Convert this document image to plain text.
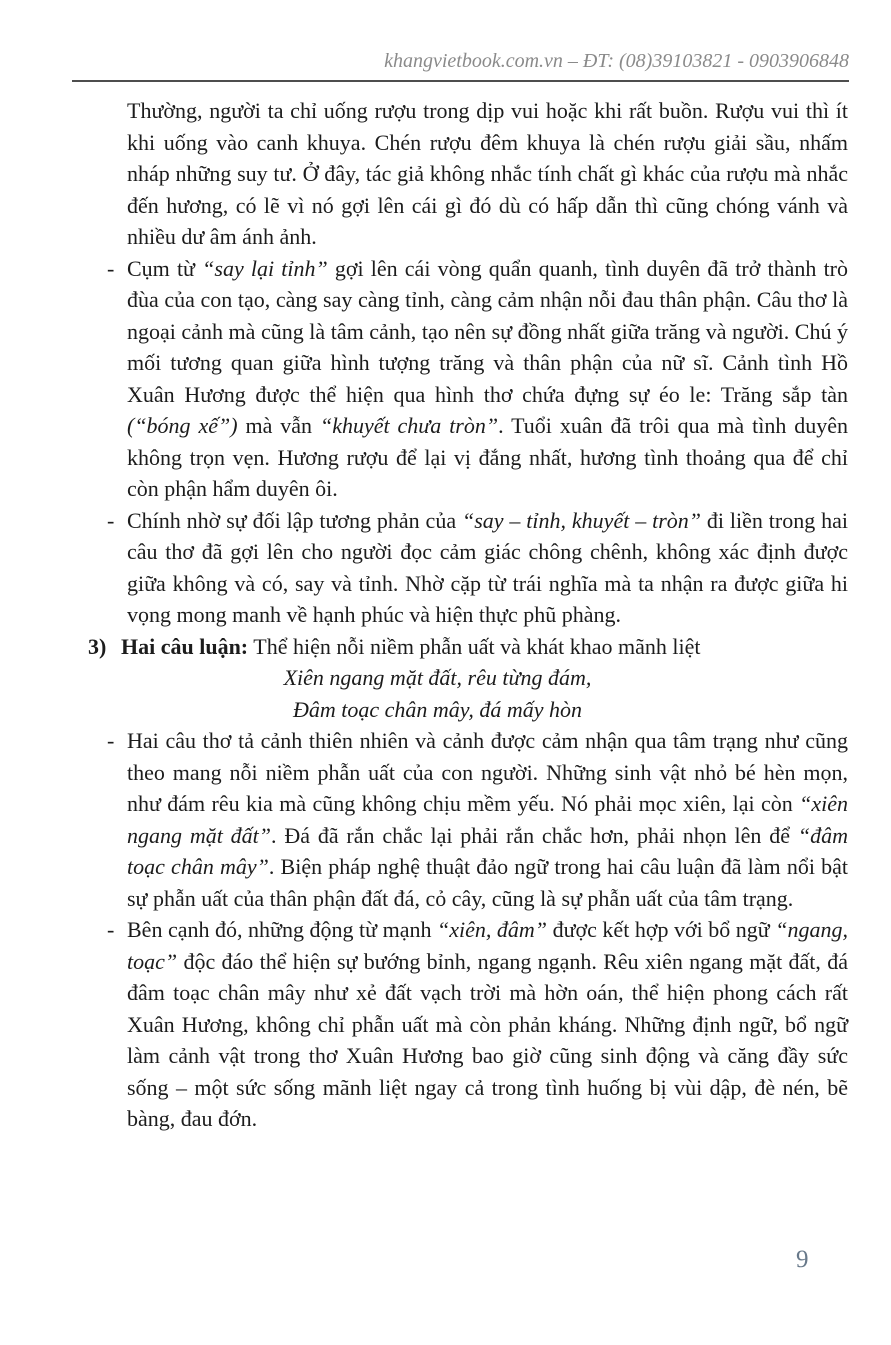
khangvietbook.com.vn – ĐT: (08)39103821 - 0903906848

Thường, người ta chỉ uống rượu trong dịp vui hoặc khi rất buồn. Rượu vui thì ít khi uống vào canh khuya. Chén rượu đêm khuya là chén rượu giải sầu, nhấm nháp những suy tư. Ở đây, tác giả không nhắc tính chất gì khác của rượu mà nhắc đến hương, có lẽ vì nó gợi lên cái gì đó dù có hấp dẫn thì cũng chóng vánh và nhiều dư âm ánh ảnh.

- Cụm từ “say lại tỉnh” gợi lên cái vòng quẩn quanh, tình duyên đã trở thành trò đùa của con tạo, càng say càng tỉnh, càng cảm nhận nỗi đau thân phận. Câu thơ là ngoại cảnh mà cũng là tâm cảnh, tạo nên sự đồng nhất giữa trăng và người. Chú ý mối tương quan giữa hình tượng trăng và thân phận của nữ sĩ. Cảnh tình Hồ Xuân Hương được thể hiện qua hình thơ chứa đựng sự éo le: Trăng sắp tàn (“bóng xế”) mà vẫn “khuyết chưa tròn”. Tuổi xuân đã trôi qua mà tình duyên không trọn vẹn. Hương rượu để lại vị đắng nhất, hương tình thoảng qua để chỉ còn phận hẩm duyên ôi.

- Chính nhờ sự đối lập tương phản của “say – tỉnh, khuyết – tròn” đi liền trong hai câu thơ đã gợi lên cho người đọc cảm giác chông chênh, không xác định được giữa không và có, say và tỉnh. Nhờ cặp từ trái nghĩa mà ta nhận ra được giữa hi vọng mong manh về hạnh phúc và hiện thực phũ phàng.

3) Hai câu luận: Thể hiện nỗi niềm phẫn uất và khát khao mãnh liệt
Xiên ngang mặt đất, rêu từng đám,
Đâm toạc chân mây, đá mấy hòn
- Hai câu thơ tả cảnh thiên nhiên và cảnh được cảm nhận qua tâm trạng như cũng theo mang nỗi niềm phẫn uất của con người. Những sinh vật nhỏ bé hèn mọn, như đám rêu kia mà cũng không chịu mềm yếu. Nó phải mọc xiên, lại còn “xiên ngang mặt đất”. Đá đã rắn chắc lại phải rắn chắc hơn, phải nhọn lên để “đâm toạc chân mây”. Biện pháp nghệ thuật đảo ngữ trong hai câu luận đã làm nổi bật sự phẫn uất của thân phận đất đá, cỏ cây, cũng là sự phẫn uất của tâm trạng.

- Bên cạnh đó, những động từ mạnh “xiên, đâm” được kết hợp với bổ ngữ “ngang, toạc” độc đáo thể hiện sự bướng bỉnh, ngang ngạnh. Rêu xiên ngang mặt đất, đá đâm toạc chân mây như xẻ đất vạch trời mà hờn oán, thể hiện phong cách rất Xuân Hương, không chỉ phẫn uất mà còn phản kháng. Những định ngữ, bổ ngữ làm cảnh vật trong thơ Xuân Hương bao giờ cũng sinh động và căng đầy sức sống – một sức sống mãnh liệt ngay cả trong tình huống bị vùi dập, đè nén, bẽ bàng, đau đớn.

9
